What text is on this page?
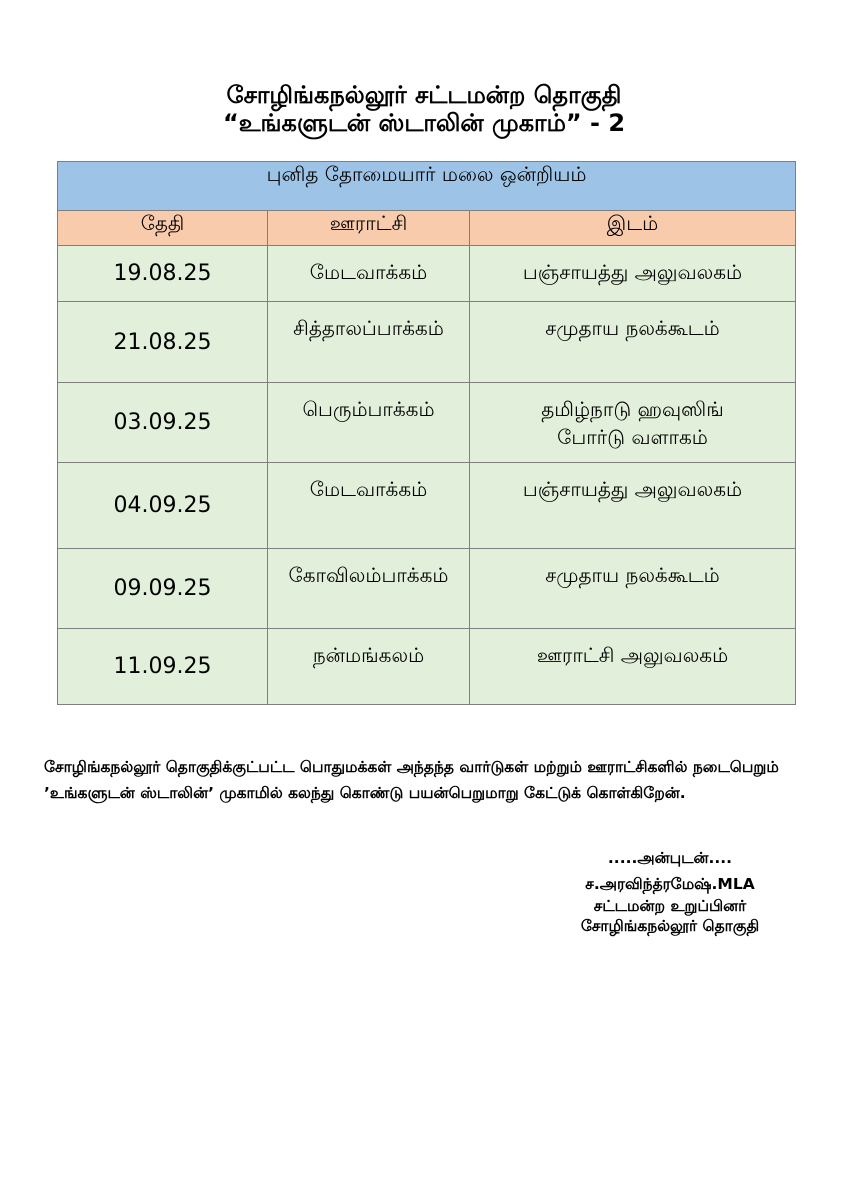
சோழிங்கநல்லூர் சட்டமன்ற தொகுதி
“உங்களுடன் ஸ்டாலின் முகாம்” - 2
புனித தோமையார் மலை ஒன்றியம்		
தேதி	ஊராட்சி	இடம்
19.08.25	மேடவாக்கம்	பஞ்சாயத்து அலுவலகம்

21.08.25	சித்தாலப்பாக்கம்	சமுதாய நலக்கூடம்

03.09.25	பெரும்பாக்கம்	தமிழ்நாடு ஹவுஸிங் போர்டு வளாகம்

04.09.25	மேடவாக்கம்	பஞ்சாயத்து அலுவலகம்

09.09.25	கோவிலம்பாக்கம்	சமுதாய நலக்கூடம்

11.09.25	நன்மங்கலம்	ஊராட்சி அலுவலகம்
சோழிங்கநல்லூர் தொகுதிக்குட்பட்ட பொதுமக்கள் அந்தந்த வார்டுகள் மற்றும் ஊராட்சிகளில் நடைபெறும் ’உங்களுடன் ஸ்டாலின்’ முகாமில் கலந்து கொண்டு பயன்பெறுமாறு கேட்டுக் கொள்கிறேன்.
.....அன்புடன்....
ச.அரவிந்த்ரமேஷ்.MLA
சட்டமன்ற உறுப்பினர்
சோழிங்கநல்லூர் தொகுதி
